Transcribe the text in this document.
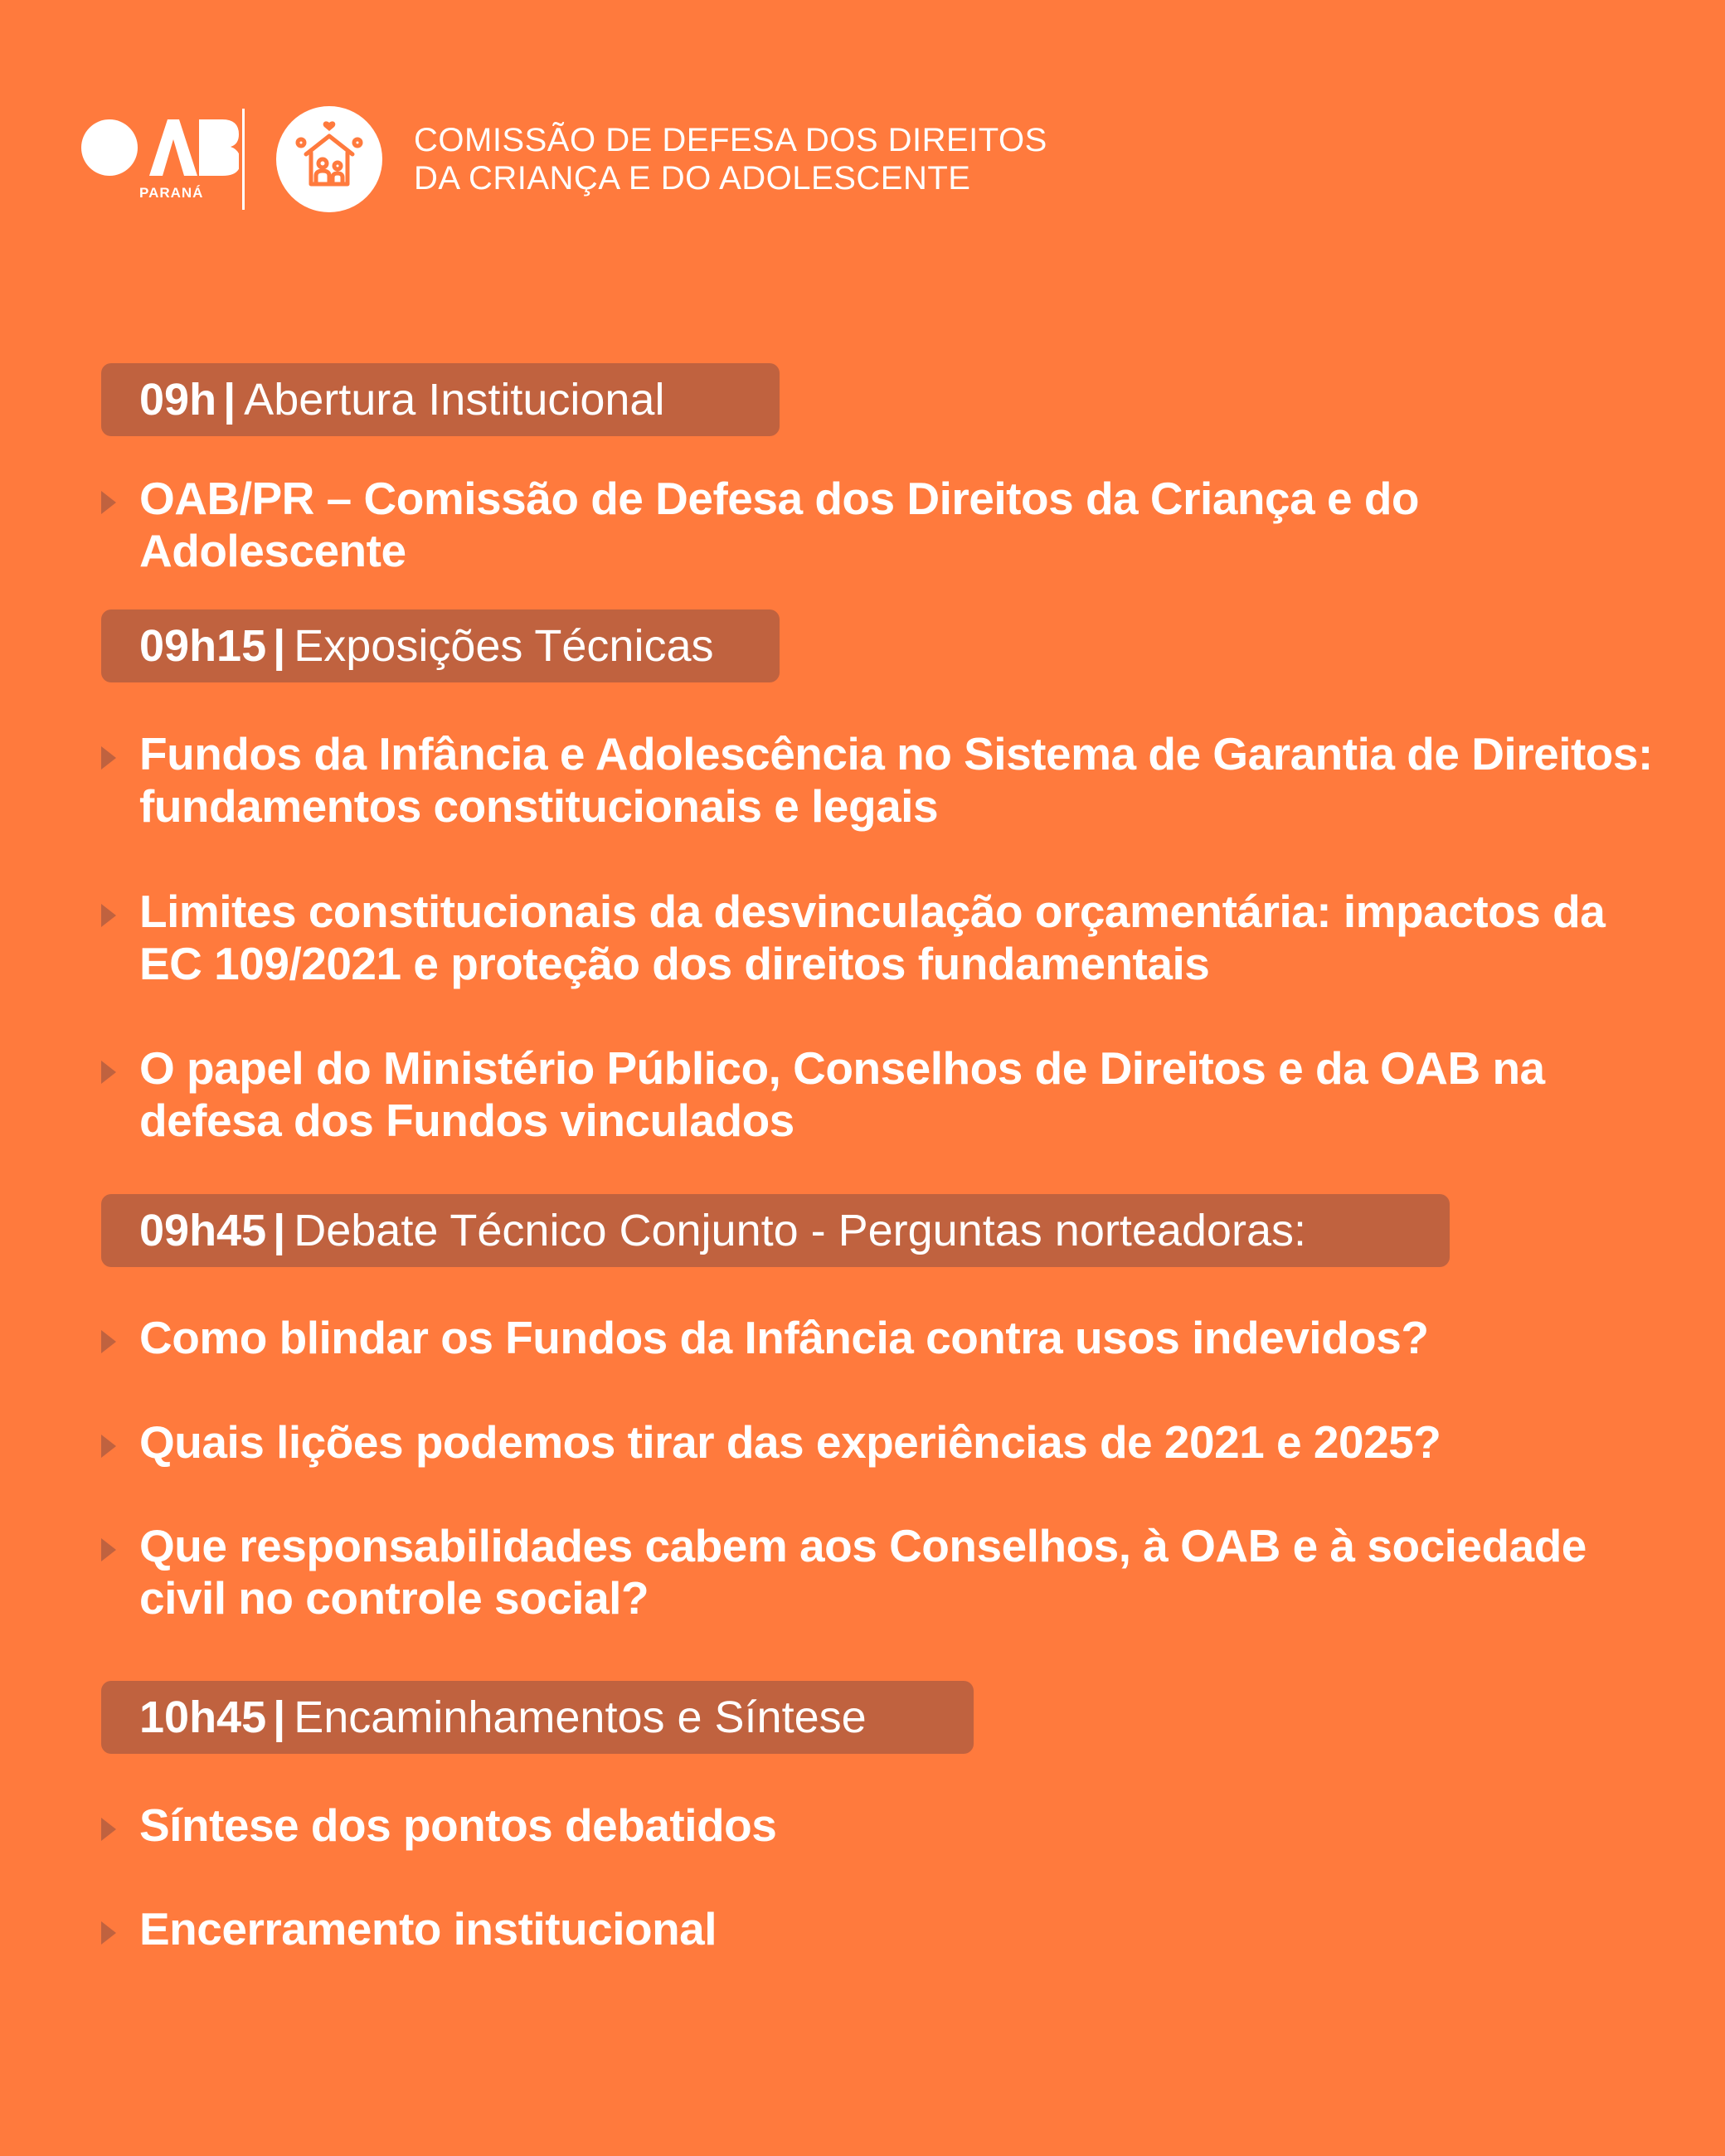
PARANÁ
COMISSÃO DE DEFESA DOS DIREITOS
DA CRIANÇA E DO ADOLESCENTE
09h | Abertura Institucional
OAB/PR – Comissão de Defesa dos Direitos da Criança e do Adolescente
09h15 | Exposições Técnicas
Fundos da Infância e Adolescência no Sistema de Garantia de Direitos: fundamentos constitucionais e legais
Limites constitucionais da desvinculação orçamentária: impactos da EC 109/2021 e proteção dos direitos fundamentais
O papel do Ministério Público, Conselhos de Direitos e da OAB na defesa dos Fundos vinculados
09h45 | Debate Técnico Conjunto - Perguntas norteadoras:
Como blindar os Fundos da Infância contra usos indevidos?
Quais lições podemos tirar das experiências de 2021 e 2025?
Que responsabilidades cabem aos Conselhos, à OAB e à sociedade civil no controle social?
10h45 | Encaminhamentos e Síntese
Síntese dos pontos debatidos
Encerramento institucional
